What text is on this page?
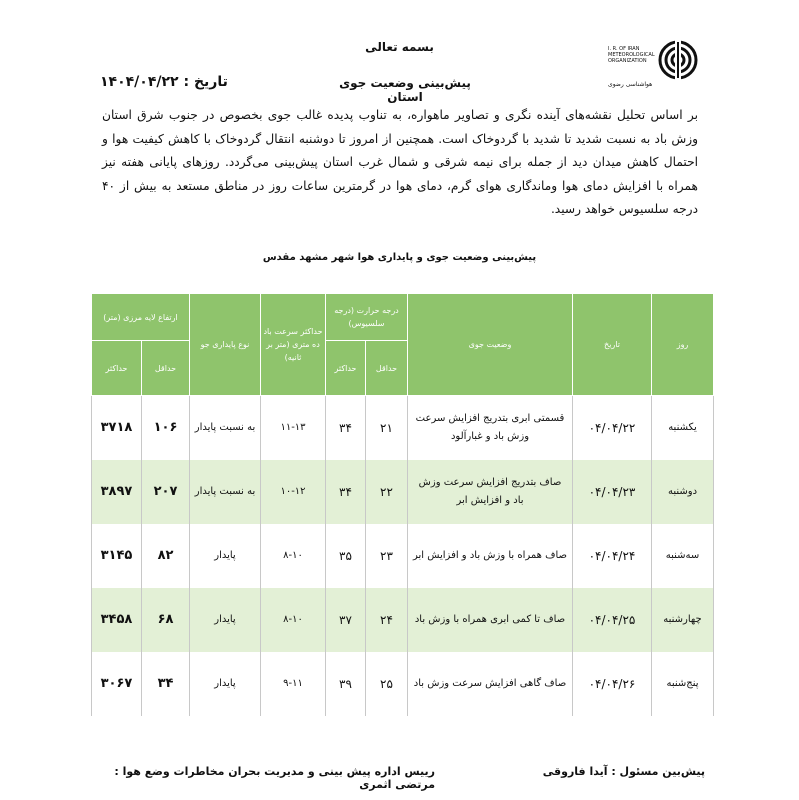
بسمه تعالی	I. R. OF IRAN
METEOROLOGICAL
ORGANIZATION
هواشناسی رضوی
پیش‌بینی وضعیت جوی استان
تاریخ : ۱۴۰۴/۰۴/۲۲
بر اساس تحلیل نقشه‌های آینده نگری و تصاویر ماهواره، به تناوب پدیده غالب جوی بخصوص در جنوب شرق استان وزش باد به نسبت شدید تا شدید با گردوخاک است. همچنین از امروز تا دوشنبه انتقال گردوخاک با کاهش کیفیت هوا و احتمال کاهش میدان دید از جمله برای نیمه شرقی و شمال غرب استان پیش‌بینی می‌گردد. روزهای پایانی هفته نیز همراه با افزایش دمای هوا وماندگاری هوای گرم، دمای هوا در گرمترین ساعات روز در مناطق مستعد به بیش از ۴۰ درجه سلسیوس خواهد رسید.
پیش‌بینی وضعیت جوی و پایداری هوا شهر مشهد مقدس
روز	تاریخ	وضعیت جوی	درجه حرارت (درجه سلسیوس)		حداکثر سرعت باد ده متری (متر بر ثانیه)	نوع پایداری جو	ارتفاع لایه مرزی (متر)	
			حداقل	حداکثر			حداقل	حداکثر
یکشنبه	۰۴/۰۴/۲۲	قسمتی ابری بتدریج افزایش سرعت وزش باد و غبارآلود	۲۱	۳۴	۱۱-۱۳	به نسبت پایدار	۱۰۶	۳۷۱۸
دوشنبه	۰۴/۰۴/۲۳	صاف بتدریج افزایش سرعت وزش باد و افزایش ابر	۲۲	۳۴	۱۰-۱۲	به نسبت پایدار	۲۰۷	۳۸۹۷
سه‌شنبه	۰۴/۰۴/۲۴	صاف همراه با وزش باد و افزایش ابر	۲۳	۳۵	۸-۱۰	پایدار	۸۲	۳۱۴۵
چهارشنبه	۰۴/۰۴/۲۵	صاف تا کمی ابری همراه با وزش باد	۲۴	۳۷	۸-۱۰	پایدار	۶۸	۳۴۵۸
پنج‌شنبه	۰۴/۰۴/۲۶	صاف گاهی افزایش سرعت وزش باد	۲۵	۳۹	۹-۱۱	پایدار	۳۴	۳۰۶۷
پیش‌بین مسئول : آیدا فاروقی
رییس اداره پیش بینی و مدیریت بحران مخاطرات وضع هوا : مرتضی اثمری
